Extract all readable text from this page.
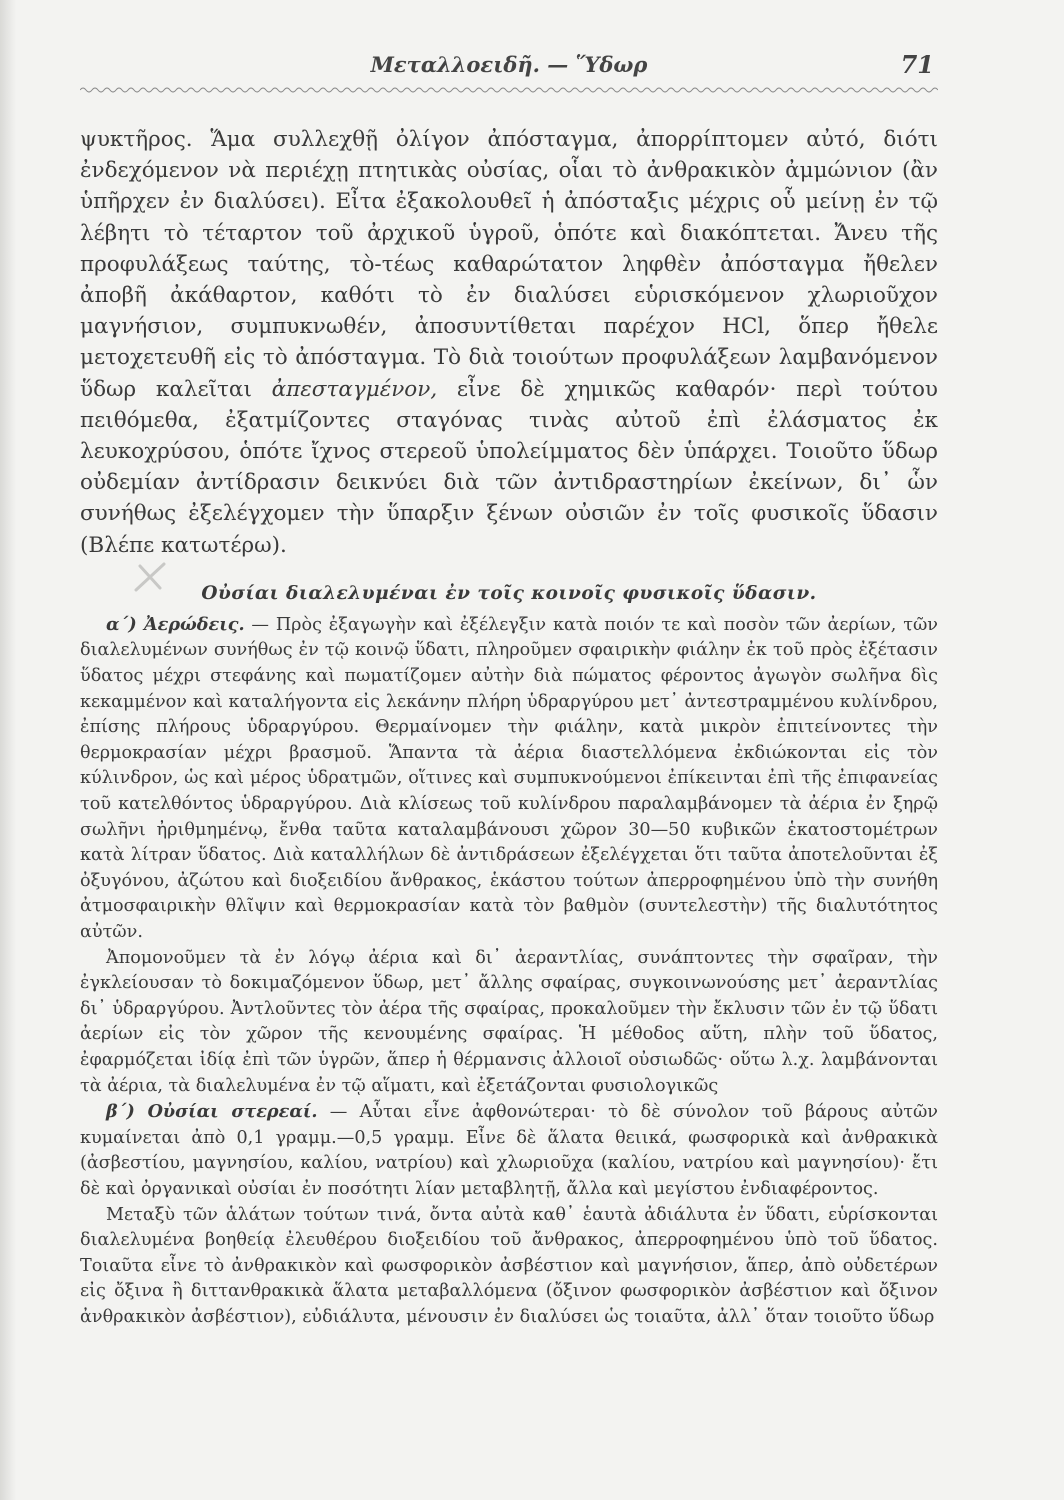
Μεταλλοειδῆ. — Ὕδωρ	71

ψυκτῆρος. Ἅμα συλλεχθῇ ὀλίγον ἀπόσταγμα, ἀπορρίπτομεν αὐτό, διότι ἐνδεχόμενον νὰ περιέχῃ πτητικὰς οὐσίας, οἷαι τὸ ἀνθρακικὸν ἀμμώνιον (ἂν ὑπῆρχεν ἐν διαλύσει). Εἶτα ἐξακολουθεῖ ἡ ἀπόσταξις μέχρις οὗ μείνῃ ἐν τῷ λέβητι τὸ τέταρτον τοῦ ἀρχικοῦ ὑγροῦ, ὁπότε καὶ διακόπτεται. Ἄνευ τῆς προφυλάξεως ταύτης, τὸ-τέως καθαρώτατον ληφθὲν ἀπόσταγμα ἤθελεν ἀποβῆ ἀκάθαρτον, καθότι τὸ ἐν διαλύσει εὑρισκόμενον χλωριοῦχον μαγνήσιον, συμπυκνωθέν, ἀποσυντίθεται παρέχον HCl, ὅπερ ἤθελε μετοχετευθῆ εἰς τὸ ἀπόσταγμα. Τὸ διὰ τοιούτων προφυλάξεων λαμβανόμενον ὕδωρ καλεῖται ἀπεσταγμένον, εἶνε δὲ χημικῶς καθαρόν· περὶ τούτου πειθόμεθα, ἐξατμίζοντες σταγόνας τινὰς αὐτοῦ ἐπὶ ἐλάσματος ἐκ λευκοχρύσου, ὁπότε ἴχνος στερεοῦ ὑπολείμματος δὲν ὑπάρχει. Τοιοῦτο ὕδωρ οὐδεμίαν ἀντίδρασιν δεικνύει διὰ τῶν ἀντιδραστηρίων ἐκείνων, δι᾽ ὧν συνήθως ἐξελέγχομεν τὴν ὕπαρξιν ξένων οὐσιῶν ἐν τοῖς φυσικοῖς ὕδασιν (Βλέπε κατωτέρω).

Οὐσίαι διαλελυμέναι ἐν τοῖς κοινοῖς φυσικοῖς ὕδασιν.

α΄) Ἀερώδεις. — Πρὸς ἐξαγωγὴν καὶ ἐξέλεγξιν κατὰ ποιόν τε καὶ ποσὸν τῶν ἀερίων, τῶν διαλελυμένων συνήθως ἐν τῷ κοινῷ ὕδατι, πληροῦμεν σφαιρικὴν φιάλην ἐκ τοῦ πρὸς ἐξέτασιν ὕδατος μέχρι στεφάνης καὶ πωματίζομεν αὐτὴν διὰ πώματος φέροντος ἀγωγὸν σωλῆνα δὶς κεκαμμένον καὶ καταλήγοντα εἰς λεκάνην πλήρη ὑδραργύρου μετ᾽ ἀντεστραμμένου κυλίνδρου, ἐπίσης πλήρους ὑδραργύρου. Θερμαίνομεν τὴν φιάλην, κατὰ μικρὸν ἐπιτείνοντες τὴν θερμοκρασίαν μέχρι βρασμοῦ. Ἅπαντα τὰ ἀέρια διαστελλόμενα ἐκδιώκονται εἰς τὸν κύλινδρον, ὡς καὶ μέρος ὑδρατμῶν, οἵτινες καὶ συμπυκνούμενοι ἐπίκεινται ἐπὶ τῆς ἐπιφανείας τοῦ κατελθόντος ὑδραργύρου. Διὰ κλίσεως τοῦ κυλίνδρου παραλαμβάνομεν τὰ ἀέρια ἐν ξηρῷ σωλῆνι ἠριθμημένῳ, ἔνθα ταῦτα καταλαμβάνουσι χῶρον 30—50 κυβικῶν ἑκατοστομέτρων κατὰ λίτραν ὕδατος. Διὰ καταλλήλων δὲ ἀντιδράσεων ἐξελέγχεται ὅτι ταῦτα ἀποτελοῦνται ἐξ ὀξυγόνου, ἀζώτου καὶ διοξειδίου ἄνθρακος, ἑκάστου τούτων ἀπερροφημένου ὑπὸ τὴν συνήθη ἀτμοσφαιρικὴν θλῖψιν καὶ θερμοκρασίαν κατὰ τὸν βαθμὸν (συντελεστὴν) τῆς διαλυτότητος αὐτῶν.

Ἀπομονοῦμεν τὰ ἐν λόγῳ ἀέρια καὶ δι᾽ ἀεραντλίας, συνάπτοντες τὴν σφαῖραν, τὴν ἐγκλείουσαν τὸ δοκιμαζόμενον ὕδωρ, μετ᾽ ἄλλης σφαίρας, συγκοινωνούσης μετ᾽ ἀεραντλίας δι᾽ ὑδραργύρου. Ἀντλοῦντες τὸν ἀέρα τῆς σφαίρας, προκαλοῦμεν τὴν ἔκλυσιν τῶν ἐν τῷ ὕδατι ἀερίων εἰς τὸν χῶρον τῆς κενουμένης σφαίρας. Ἡ μέθοδος αὕτη, πλὴν τοῦ ὕδατος, ἐφαρμόζεται ἰδίᾳ ἐπὶ τῶν ὑγρῶν, ἅπερ ἡ θέρμανσις ἀλλοιοῖ οὐσιωδῶς· οὕτω λ.χ. λαμβάνονται τὰ ἀέρια, τὰ διαλελυμένα ἐν τῷ αἵματι, καὶ ἐξετάζονται φυσιολογικῶς

β΄) Οὐσίαι στερεαί. — Αὗται εἶνε ἀφθονώτεραι· τὸ δὲ σύνολον τοῦ βάρους αὐτῶν κυμαίνεται ἀπὸ 0,1 γραμμ.—0,5 γραμμ. Εἶνε δὲ ἅλατα θειικά, φωσφορικὰ καὶ ἀνθρακικὰ (ἀσβεστίου, μαγνησίου, καλίου, νατρίου) καὶ χλωριοῦχα (καλίου, νατρίου καὶ μαγνησίου)· ἔτι δὲ καὶ ὀργανικαὶ οὐσίαι ἐν ποσότητι λίαν μεταβλητῇ, ἄλλα καὶ μεγίστου ἐνδιαφέροντος.

Μεταξὺ τῶν ἁλάτων τούτων τινά, ὄντα αὐτὰ καθ᾽ ἑαυτὰ ἀδιάλυτα ἐν ὕδατι, εὑρίσκονται διαλελυμένα βοηθείᾳ ἐλευθέρου διοξειδίου τοῦ ἄνθρακος, ἀπερροφημένου ὑπὸ τοῦ ὕδατος. Τοιαῦτα εἶνε τὸ ἀνθρακικὸν καὶ φωσφορικὸν ἀσβέστιον καὶ μαγνήσιον, ἅπερ, ἀπὸ οὐδετέρων εἰς ὄξινα ἢ διττανθρακικὰ ἅλατα μεταβαλλόμενα (ὄξινον φωσφορικὸν ἀσβέστιον καὶ ὄξινον ἀνθρακικὸν ἀσβέστιον), εὐδιάλυτα, μένουσιν ἐν διαλύσει ὡς τοιαῦτα, ἀλλ᾽ ὅταν τοιοῦτο ὕδωρ
